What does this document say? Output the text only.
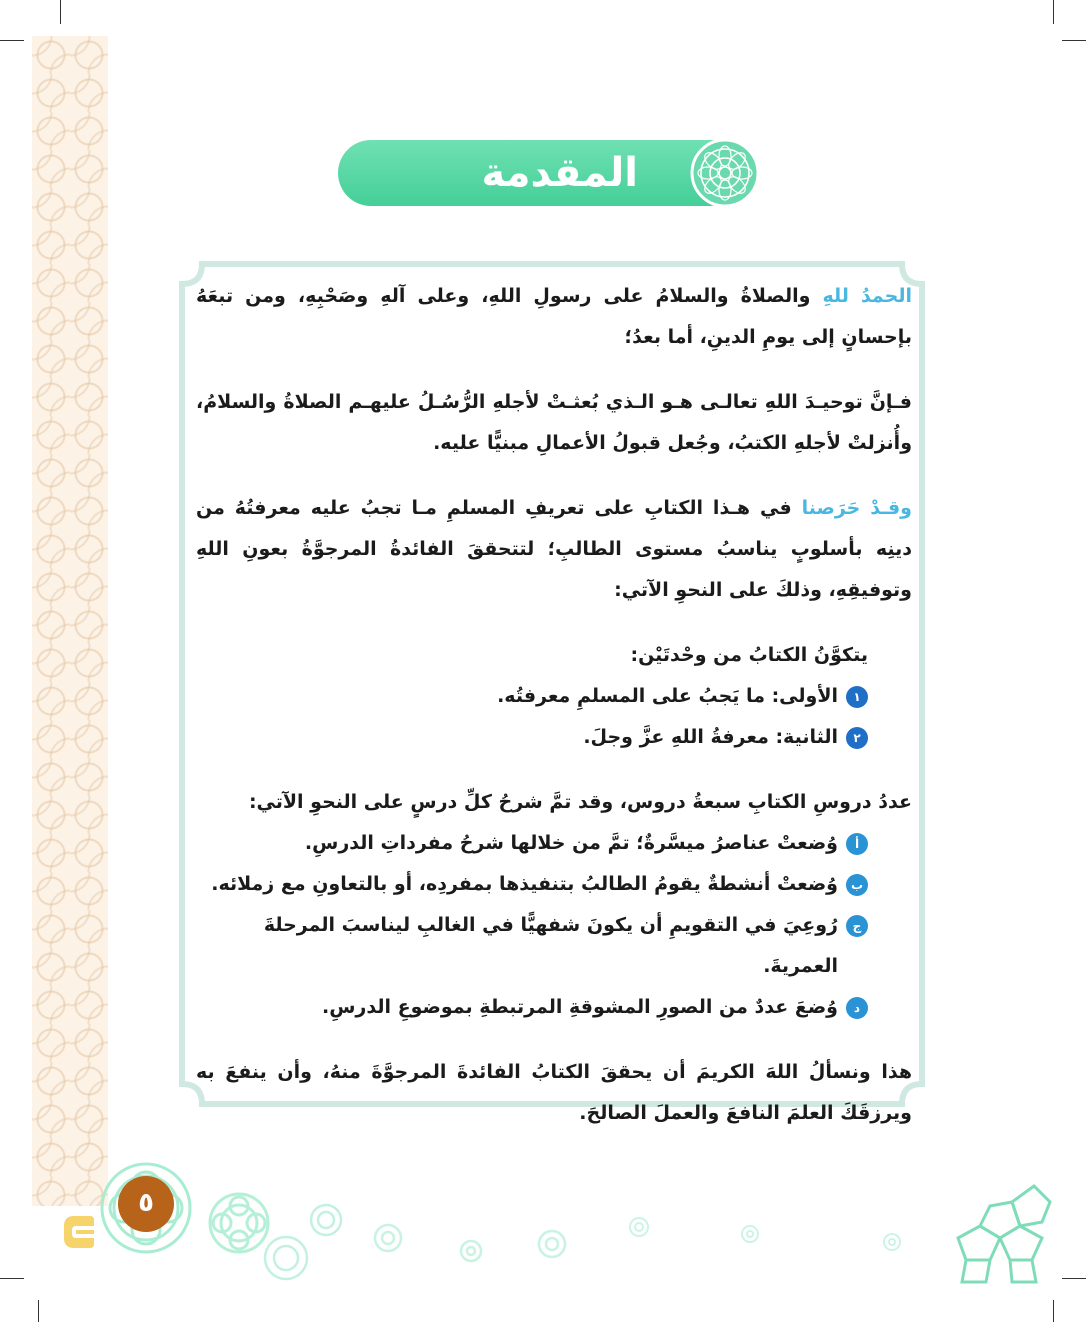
المقدمة

الحمدُ للهِ والصلاةُ والسلامُ على رسولِ اللهِ، وعلى آلهِ وصَحْبِهِ، ومن تبعَهُ بإحسانٍ إلى يومِ الدينِ، أما بعدُ؛

فـإنَّ توحيـدَ اللهِ تعالـى هـو الـذي بُعثـتْ لأجلهِ الرُّسُـلُ عليهـم الصلاةُ والسلامُ، وأُنزلتْ لأجلهِ الكتبُ، وجُعل قبولُ الأعمالِ مبنيًّا عليه.

وقـدْ حَرَصنا في هـذا الكتابِ على تعريفِ المسلمِ مـا تجبُ عليه معرفتُهُ من دينِه بأسلوبٍ يناسبُ مستوى الطالبِ؛ لتتحققَ الفائدةُ المرجوَّةُ بعونِ اللهِ وتوفيقِهِ، وذلكَ على النحوِ الآتي:

يتكوَّنُ الكتابُ من وحْدتَيْن:
١
الأولى: ما يَجبُ على المسلمِ معرفتُه.
٢
الثانية: معرفةُ اللهِ عزَّ وجلَ.
عددُ دروسِ الكتابِ سبعةُ دروس، وقد تمَّ شرحُ كلِّ درسٍ على النحوِ الآتي:
أ
وُضعتْ عناصرُ ميسَّرةٌ؛ تمَّ من خلالها شرحُ مفرداتِ الدرسِ.
ب
وُضعتْ أنشطةٌ يقومُ الطالبُ بتنفيذها بمفردِه، أو بالتعاونِ مع زملائه.
ج
رُوعِيَ في التقويمِ أن يكونَ شفهيًّا في الغالبِ ليناسبَ المرحلةَ العمريةَ.
د
وُضعَ عددٌ من الصورِ المشوقةِ المرتبطةِ بموضوعِ الدرسِ.

هذا ونسألُ اللهَ الكريمَ أن يحققَ الكتابُ الفائدةَ المرجوَّةَ منهُ، وأن ينفعَ به ويرزقَكَ العلمَ النافعَ والعملَ الصالحَ.

٥
